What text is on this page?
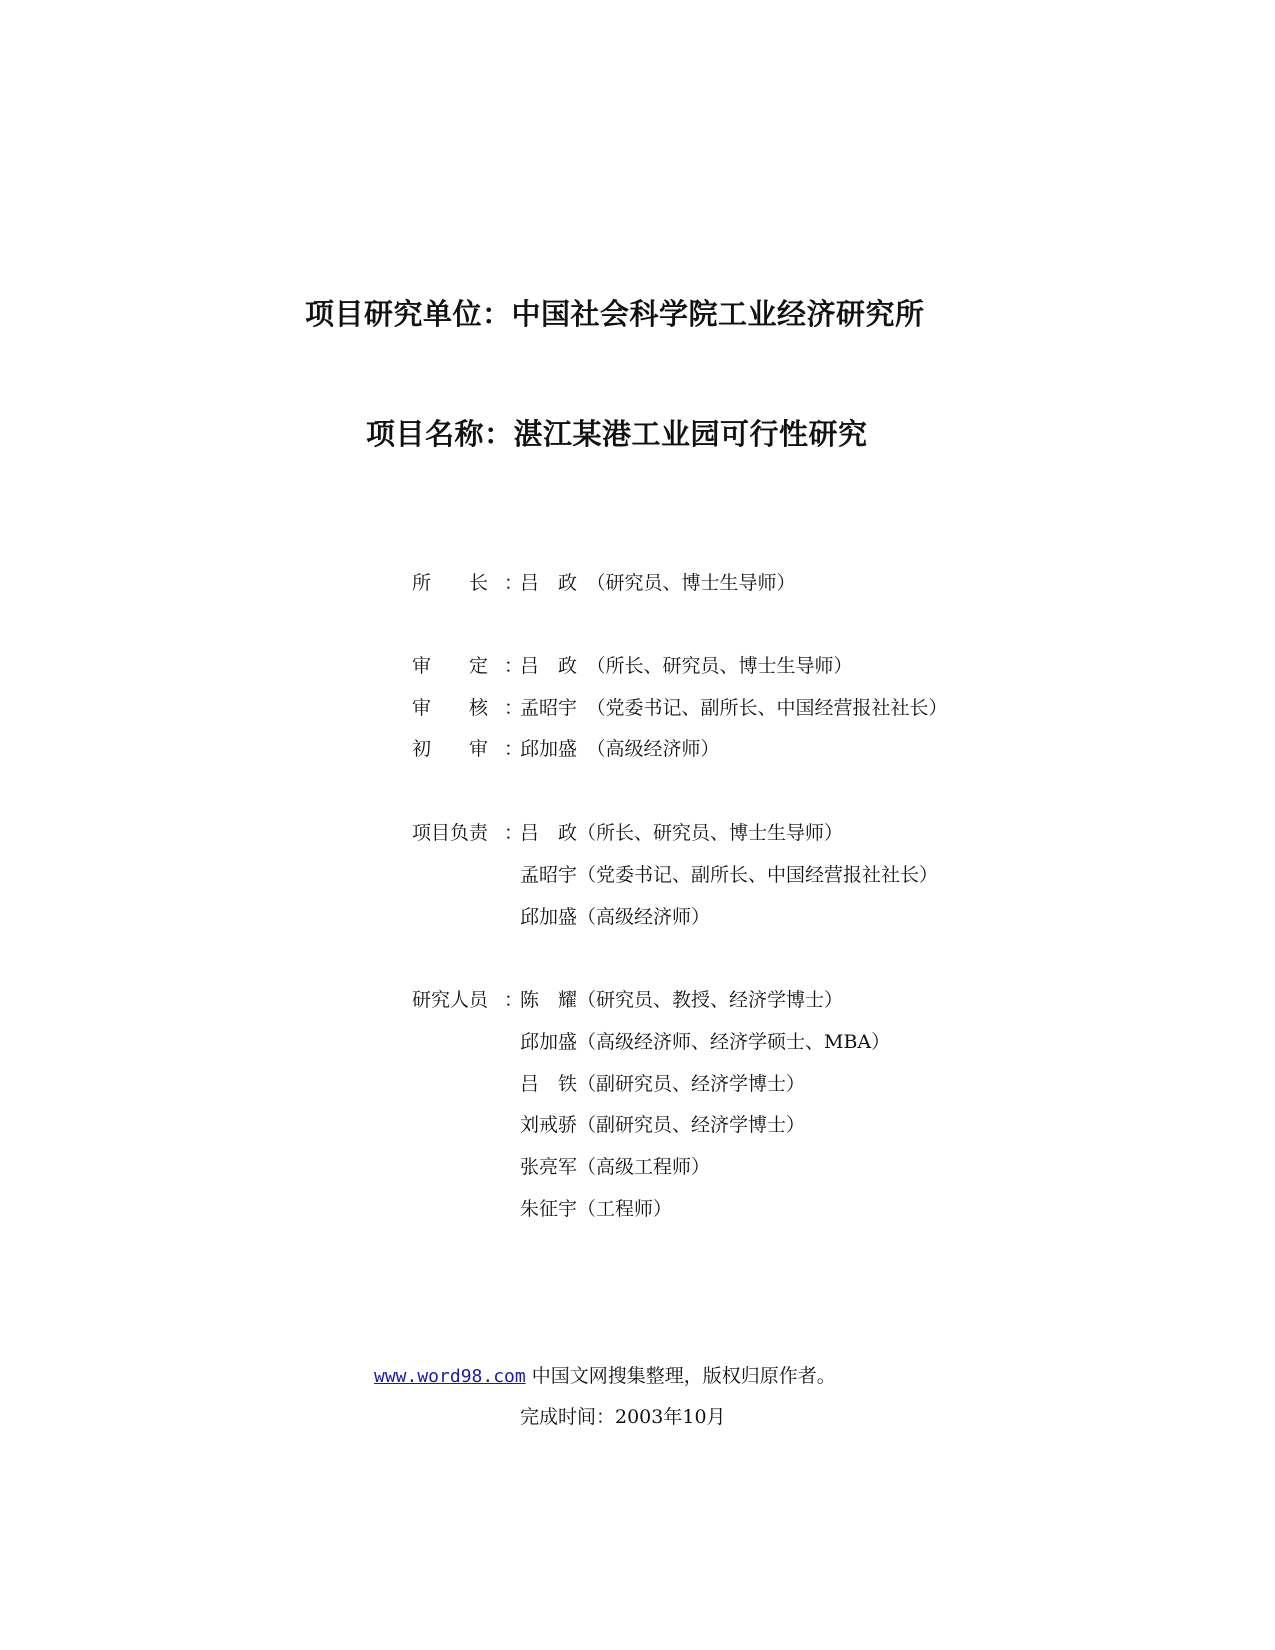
项目研究单位：中国社会科学院工业经济研究所
项目名称：湛江某港工业园可行性研究
所　　长 ：
吕　政　（研究员、博士生导师）
审　　定 ：
吕　政　（所长、研究员、博士生导师）
审　　核 ：
孟昭宇　（党委书记、副所长、中国经营报社社长）
初　　审 ：
邱加盛　（高级经济师）
项目负责 ：
吕　政（所长、研究员、博士生导师）
孟昭宇（党委书记、副所长、中国经营报社社长）
邱加盛（高级经济师）
研究人员 ：
陈　耀（研究员、教授、经济学博士）
邱加盛（高级经济师、经济学硕士、MBA）
吕　铁（副研究员、经济学博士）
刘戒骄（副研究员、经济学博士）
张亮军（高级工程师）
朱征宇（工程师）
www.word98.com 中国文网搜集整理，版权归原作者。
完成时间：2003年10月
